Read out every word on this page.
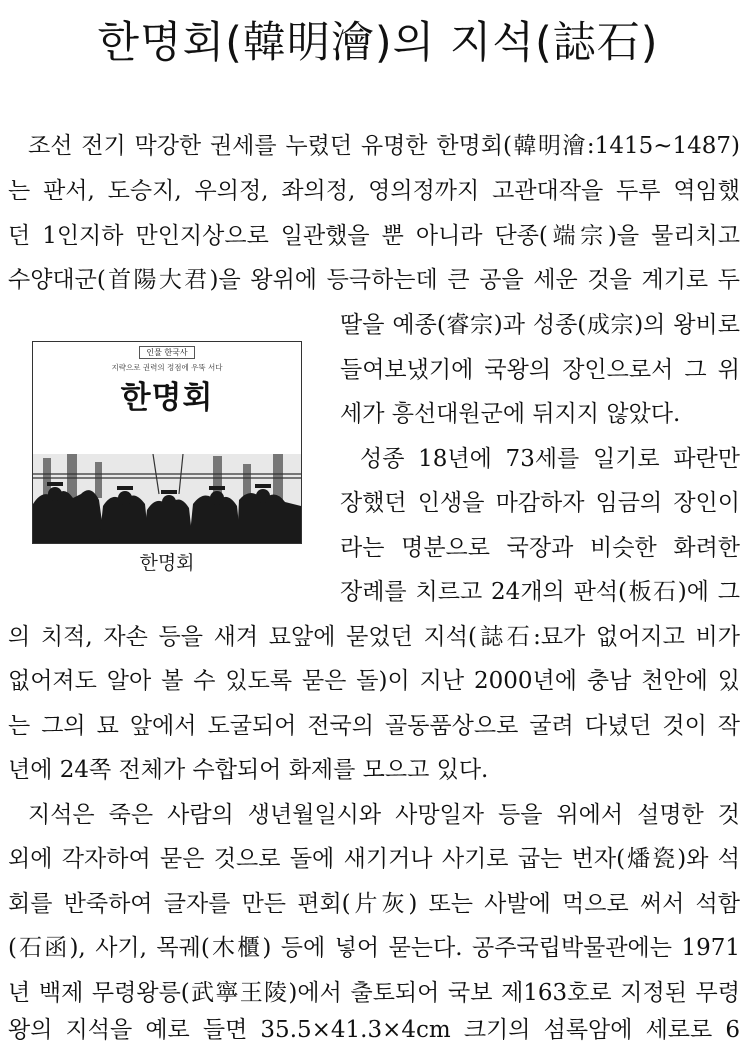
한명회(韓明澮)의 지석(誌石)
조선 전기 막강한 권세를 누렸던 유명한 한명회(韓明澮:1415~1487)
는 판서, 도승지, 우의정, 좌의정, 영의정까지 고관대작을 두루 역임했
던 1인지하 만인지상으로 일관했을 뿐 아니라 단종(端宗)을 물리치고
수양대군(首陽大君)을 왕위에 등극하는데 큰 공을 세운 것을 계기로 두
딸을 예종(睿宗)과 성종(成宗)의 왕비로
들여보냈기에 국왕의 장인으로서 그 위
세가 흥선대원군에 뒤지지 않았다.
성종 18년에 73세를 일기로 파란만
장했던 인생을 마감하자 임금의 장인이
라는 명분으로 국장과 비슷한 화려한
장례를 치르고 24개의 판석(板石)에 그
의 치적, 자손 등을 새겨 묘앞에 묻었던 지석(誌石:묘가 없어지고 비가
없어져도 알아 볼 수 있도록 묻은 돌)이 지난 2000년에 충남 천안에 있
는 그의 묘 앞에서 도굴되어 전국의 골동품상으로 굴려 다녔던 것이 작
년에 24쪽 전체가 수합되어 화제를 모으고 있다.
지석은 죽은 사람의 생년월일시와 사망일자 등을 위에서 설명한 것
외에 각자하여 묻은 것으로 돌에 새기거나 사기로 굽는 번자(燔瓷)와 석
회를 반죽하여 글자를 만든 편회(片灰) 또는 사발에 먹으로 써서 석함
(石函), 사기, 목궤(木櫃) 등에 넣어 묻는다. 공주국립박물관에는 1971
년 백제 무령왕릉(武寧王陵)에서 출토되어 국보 제163호로 지정된 무령
왕의 지석을 예로 들면 35.5×41.3×4cm 크기의 섬록암에 세로로 6
인물 한국사
지략으로 권력의 정점에 우뚝 서다
한명회
한명회
